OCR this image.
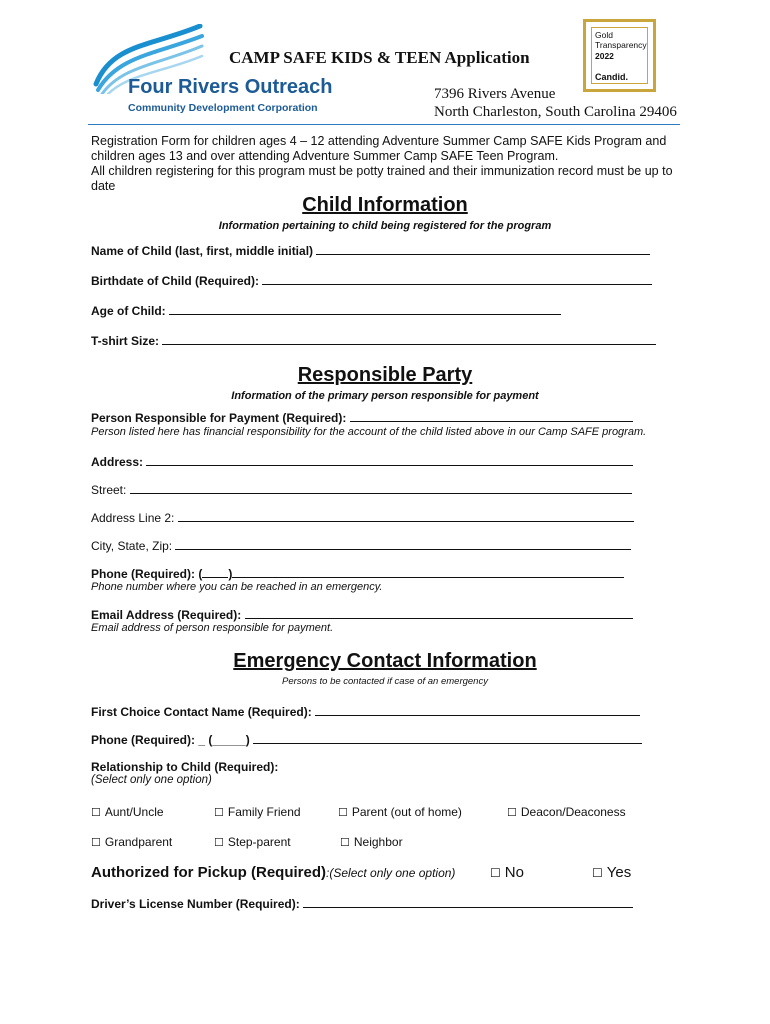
Four Rivers Outreach
Community Development Corporation
CAMP SAFE KIDS & TEEN Application
7396 Rivers Avenue
North Charleston, South Carolina 29406
Gold
Transparency
2022
Candid.
Registration Form for children ages 4 – 12 attending Adventure Summer Camp SAFE Kids Program and
children ages 13 and over attending Adventure Summer Camp SAFE Teen Program.
All children registering for this program must be potty trained and their immunization record must be up to
date
Child Information
Information pertaining to child being registered for the program
Name of Child (last, first, middle initial)
Birthdate of Child (Required):
Age of Child:
T-shirt Size:
Responsible Party
Information of the primary person responsible for payment
Person Responsible for Payment (Required):
Person listed here has financial responsibility for the account of the child listed above in our Camp SAFE program.
Address:
Street:
Address Line 2:
City, State, Zip:
Phone (Required): ( )
Phone number where you can be reached in an emergency.
Email Address (Required):
Email address of person responsible for payment.
Emergency Contact Information
Persons to be contacted if case of an emergency
First Choice Contact Name (Required):
Phone (Required): _ (_____)
Relationship to Child (Required):
(Select only one option)
☐ Aunt/Uncle	☐ Family Friend	☐ Parent (out of home)	☐ Deacon/Deaconess
☐ Grandparent	☐ Step-parent	☐ Neighbor
Authorized for Pickup (Required):(Select only one option)	☐ No	☐ Yes
Driver’s License Number (Required):
